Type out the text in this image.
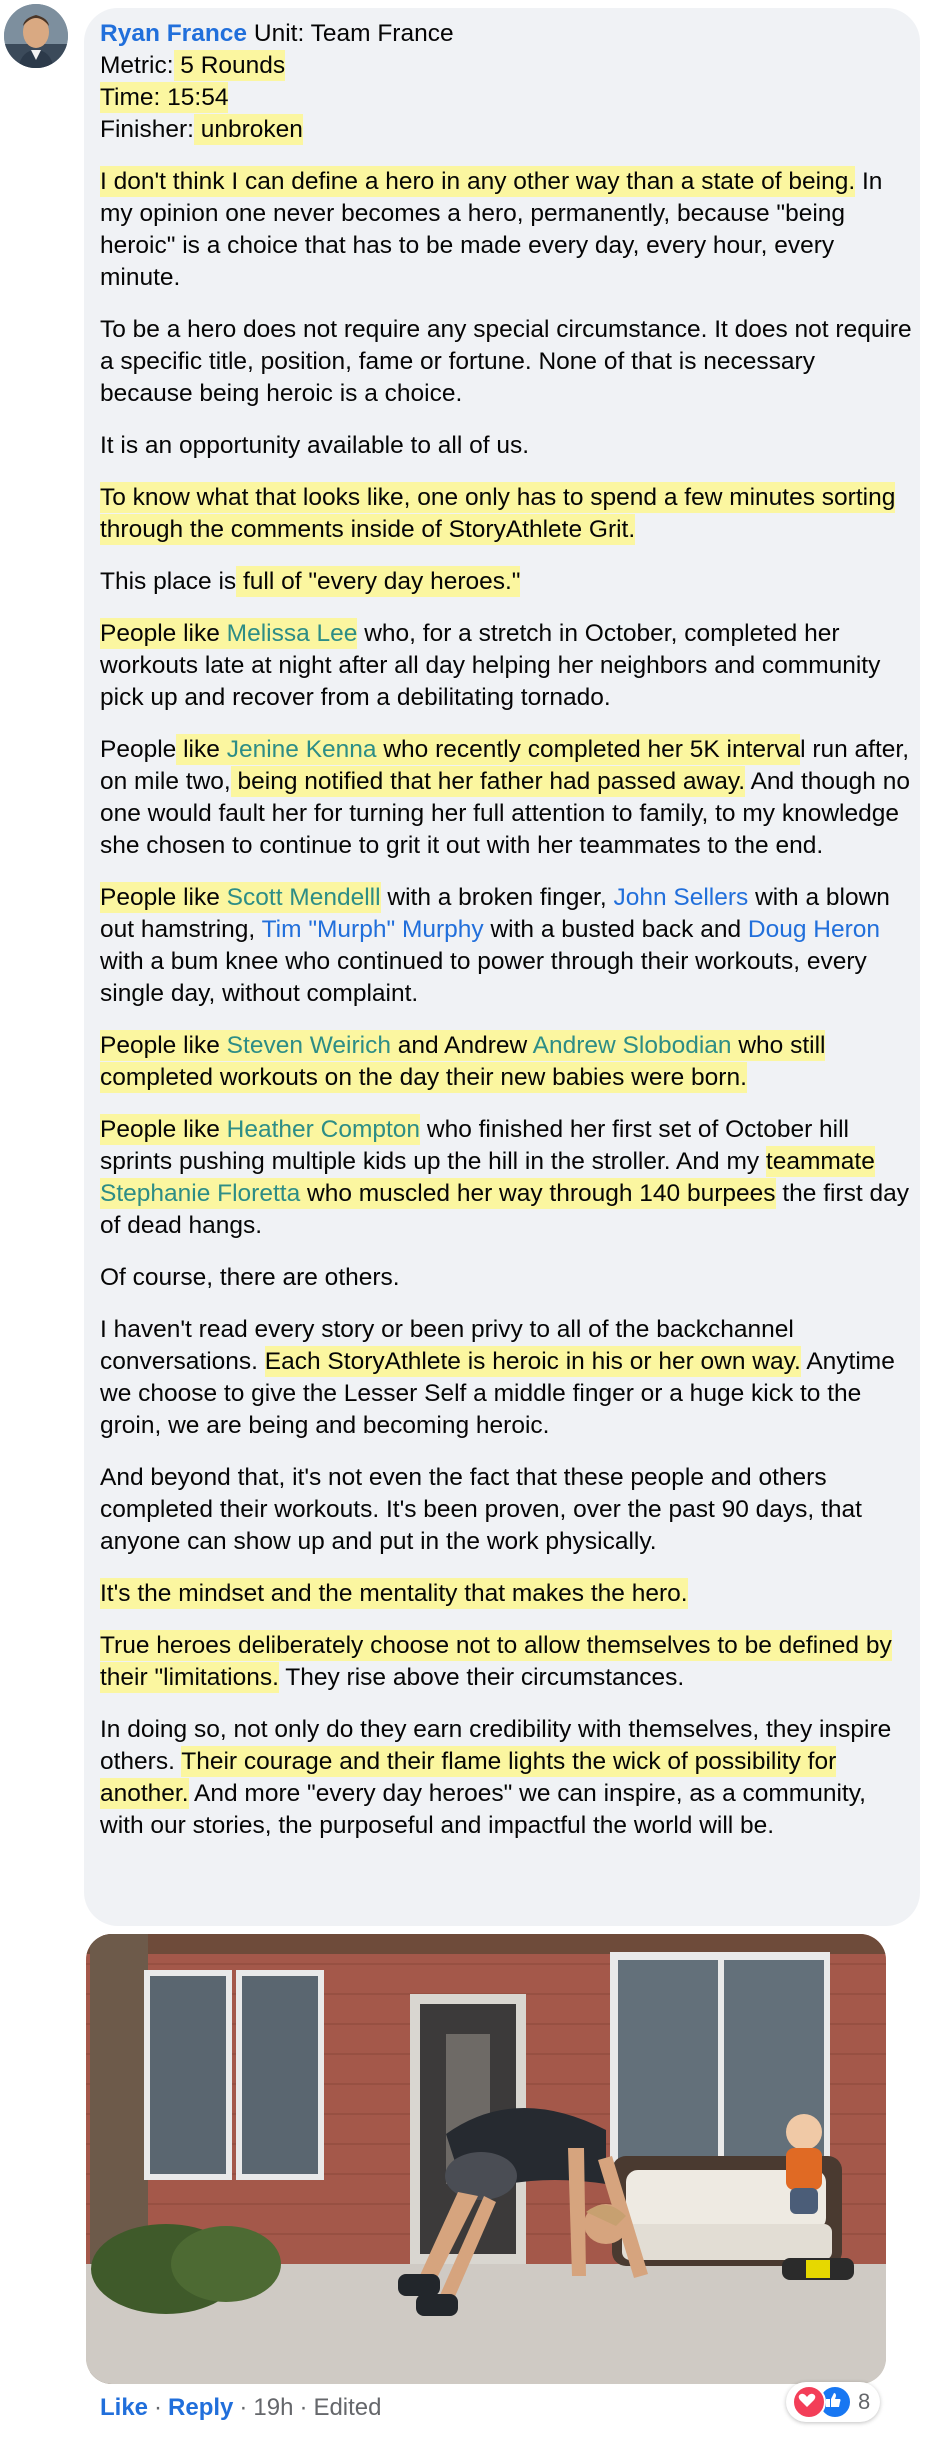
Ryan France Unit: Team France
Metric: 5 Rounds
Time: 15:54

Finisher: unbroken

I don't think I can define a hero in any other way than a state of being. In my opinion one never becomes a hero, permanently, because "being heroic" is a choice that has to be made every day, every hour, every minute.

To be a hero does not require any special circumstance. It does not require a specific title, position, fame or fortune. None of that is necessary because being heroic is a choice.

It is an opportunity available to all of us.

To know what that looks like, one only has to spend a few minutes sorting through the comments inside of StoryAthlete Grit.

This place is full of "every day heroes."

People like Melissa Lee who, for a stretch in October, completed her workouts late at night after all day helping her neighbors and community pick up and recover from a debilitating tornado.

People like Jenine Kenna who recently completed her 5K interval run after, on mile two, being notified that her father had passed away. And though no one would fault her for turning her full attention to family, to my knowledge she chosen to continue to grit it out with her teammates to the end.

People like Scott Mendelll with a broken finger, John Sellers with a blown out hamstring, Tim "Murph" Murphy with a busted back and Doug Heron with a bum knee who continued to power through their workouts, every single day, without complaint.

People like Steven Weirich and Andrew Andrew Slobodian who still completed workouts on the day their new babies were born.

People like Heather Compton who finished her first set of October hill sprints pushing multiple kids up the hill in the stroller. And my teammate Stephanie Floretta who muscled her way through 140 burpees the first day of dead hangs.

Of course, there are others.

I haven't read every story or been privy to all of the backchannel conversations. Each StoryAthlete is heroic in his or her own way. Anytime we choose to give the Lesser Self a middle finger or a huge kick to the groin, we are being and becoming heroic.

And beyond that, it's not even the fact that these people and others completed their workouts. It's been proven, over the past 90 days, that anyone can show up and put in the work physically.

It's the mindset and the mentality that makes the hero.

True heroes deliberately choose not to allow themselves to be defined by their "limitations. They rise above their circumstances.

In doing so, not only do they earn credibility with themselves, they inspire others. Their courage and their flame lights the wick of possibility for another. And more "every day heroes" we can inspire, as a community, with our stories, the purposeful and impactful the world will be.

Like · Reply · 19h · Edited	8
